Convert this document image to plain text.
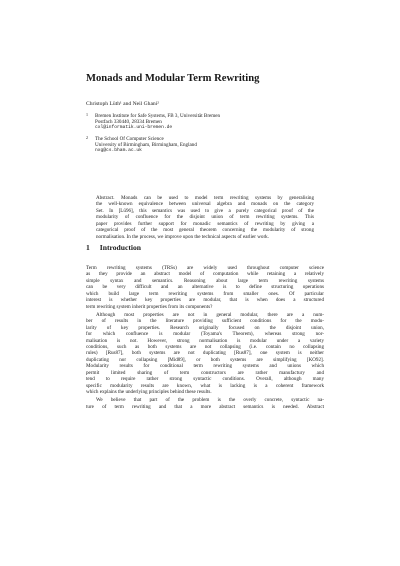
Monads and Modular Term Rewriting
Christoph Lüth¹ and Neil Ghani²
1 Bremen Institute for Safe Systems, FB 3, Universität Bremen
Postfach 330440, 28334 Bremen
cxl@informatik.uni-bremen.de
2 The School Of Computer Science
University of Birmingham, Birmingham, England
nxg@cs.bham.ac.uk
Abstract. Monads can be used to model term rewriting systems by generalising
the well-known equivalence between universal algebra and monads on the category
Set. In [Lü96], this semantics was used to give a purely categorical proof of the
modularity of confluence for the disjoint union of term rewriting systems. This
paper provides further support for monadic semantics of rewriting by giving a
categorical proof of the most general theorem concerning the modularity of strong
normalisation. In the process, we improve upon the technical aspects of earlier work.
1 Introduction
Term rewriting systems (TRSs) are widely used throughout computer science
as they provide an abstract model of computation while retaining a relatively
simple syntax and semantics. Reasoning about large term rewriting systems
can be very difficult and an alternative is to define structuring operations
which build large term rewriting systems from smaller ones. Of particular
interest is whether key properties are modular, that is when does a structured
term rewriting system inherit properties from its components?
Although most properties are not in general modular, there are a num-
ber of results in the literature providing sufficient conditions for the modu-
larity of key properties. Research originally focused on the disjoint union,
for which confluence is modular (Toyama's Theorem), whereas strong nor-
malisation is not. However, strong normalisation is modular under a variety
conditions, such as both systems are not collapsing (i.e. contain no collapsing
rules) [Rus87], both systems are not duplicating [Rus87], one system is neither
duplicating nor collapsing [Mid89], or both systems are simplifying [KO92].
Modularity results for conditional term rewriting systems and unions which
permit limited sharing of term constructors are rather manufactury and
tend to require rather strong syntactic conditions. Overall, although many
specific modularity results are known, what is lacking is a coherent framework
which explains the underlying principles behind these results.
We believe that part of the problem is the overly concrete, syntactic na-
ture of term rewriting and that a more abstract semantics is needed. Abstract
